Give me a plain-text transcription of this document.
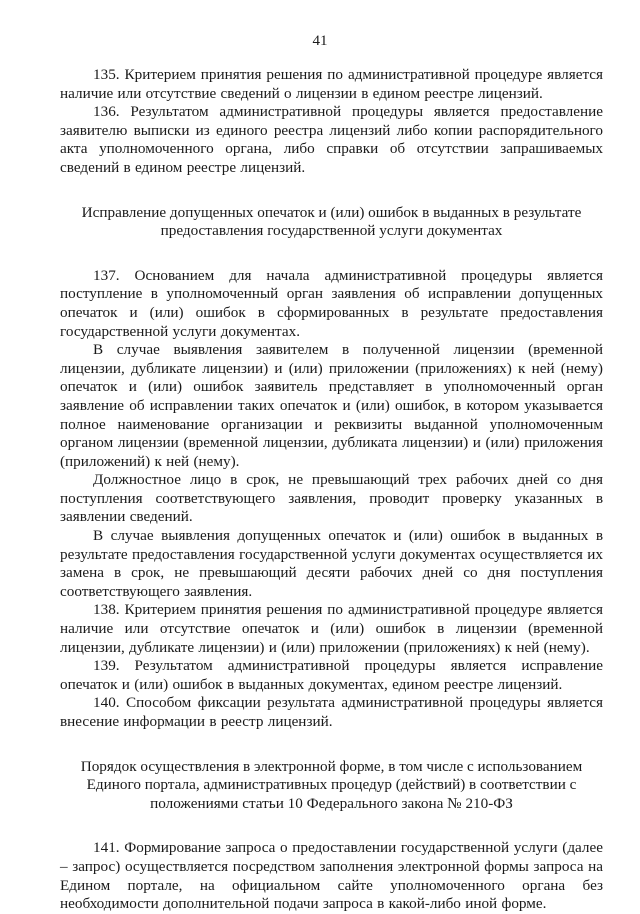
41

135. Критерием принятия решения по административной процедуре является наличие или отсутствие сведений о лицензии в едином реестре лицензий.

136. Результатом административной процедуры является предоставление заявителю выписки из единого реестра лицензий либо копии распорядительного акта уполномоченного органа, либо справки об отсутствии запрашиваемых сведений в едином реестре лицензий.

Исправление допущенных опечаток и (или) ошибок в выданных в результате предоставления государственной услуги документах

137. Основанием для начала административной процедуры является поступление в уполномоченный орган заявления об исправлении допущенных опечаток и (или) ошибок в сформированных в результате предоставления государственной услуги документах.

В случае выявления заявителем в полученной лицензии (временной лицензии, дубликате лицензии) и (или) приложении (приложениях) к ней (нему) опечаток и (или) ошибок заявитель представляет в уполномоченный орган заявление об исправлении таких опечаток и (или) ошибок, в котором указывается полное наименование организации и реквизиты выданной уполномоченным органом лицензии (временной лицензии, дубликата лицензии) и (или) приложения (приложений) к ней (нему).

Должностное лицо в срок, не превышающий трех рабочих дней со дня поступления соответствующего заявления, проводит проверку указанных в заявлении сведений.

В случае выявления допущенных опечаток и (или) ошибок в выданных в результате предоставления государственной услуги документах осуществляется их замена в срок, не превышающий десяти рабочих дней со дня поступления соответствующего заявления.

138. Критерием принятия решения по административной процедуре является наличие или отсутствие опечаток и (или) ошибок в лицензии (временной лицензии, дубликате лицензии) и (или) приложении (приложениях) к ней (нему).

139. Результатом административной процедуры является исправление опечаток и (или) ошибок в выданных документах, едином реестре лицензий.

140. Способом фиксации результата административной процедуры является внесение информации в реестр лицензий.

Порядок осуществления в электронной форме, в том числе с использованием Единого портала, административных процедур (действий) в соответствии с положениями статьи 10 Федерального закона № 210-ФЗ

141. Формирование запроса о предоставлении государственной услуги (далее – запрос) осуществляется посредством заполнения электронной формы запроса на Едином портале, на официальном сайте уполномоченного органа без необходимости дополнительной подачи запроса в какой-либо иной форме.
